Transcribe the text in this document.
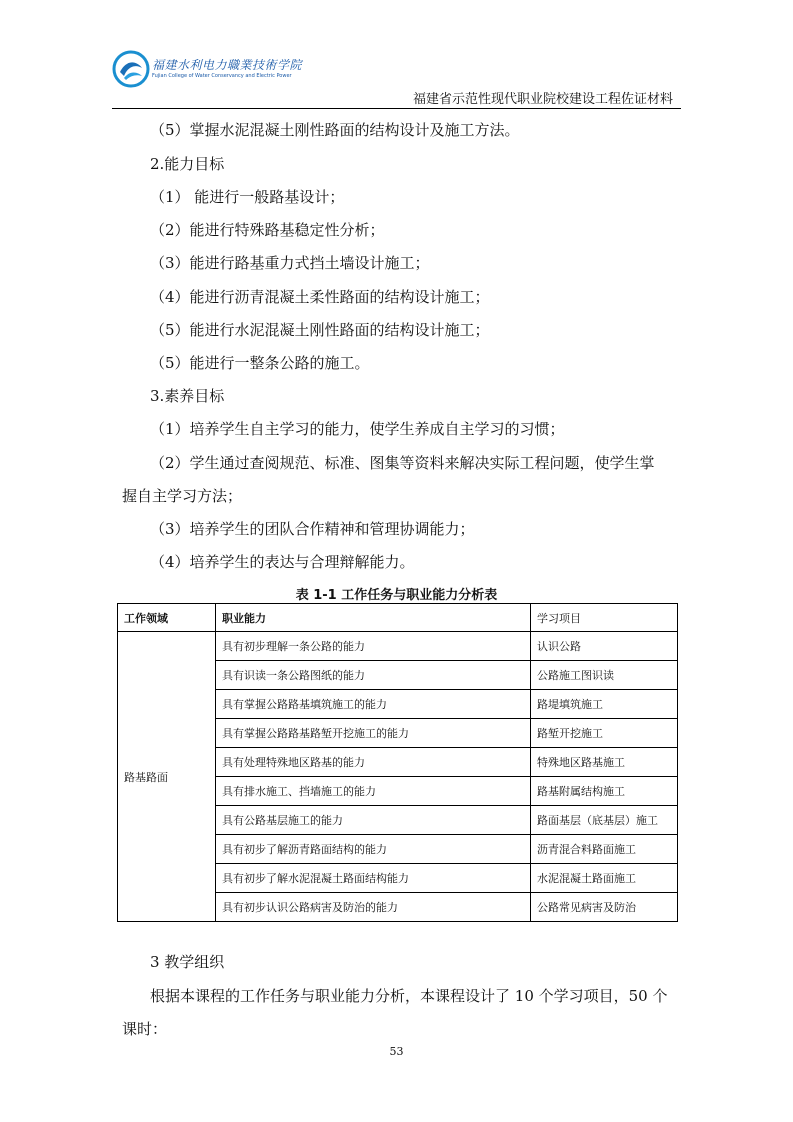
福建水利电力職業技術学院
Fujian College of Water Conservancy and Electric Power
福建省示范性现代职业院校建设工程佐证材料
（5）掌握水泥混凝土刚性路面的结构设计及施工方法。
2.能力目标
（1） 能进行一般路基设计；
（2）能进行特殊路基稳定性分析；
（3）能进行路基重力式挡土墙设计施工；
（4）能进行沥青混凝土柔性路面的结构设计施工；
（5）能进行水泥混凝土刚性路面的结构设计施工；
（5）能进行一整条公路的施工。
3.素养目标
（1）培养学生自主学习的能力，使学生养成自主学习的习惯；
（2）学生通过查阅规范、标准、图集等资料来解决实际工程问题，使学生掌
握自主学习方法；
（3）培养学生的团队合作精神和管理协调能力；
（4）培养学生的表达与合理辩解能力。
表 1-1 工作任务与职业能力分析表
工作领域	职业能力	学习项目
路基路面	具有初步理解一条公路的能力	认识公路
	具有识读一条公路图纸的能力	公路施工图识读
	具有掌握公路路基填筑施工的能力	路堤填筑施工
	具有掌握公路路基路堑开挖施工的能力	路堑开挖施工
	具有处理特殊地区路基的能力	特殊地区路基施工
	具有排水施工、挡墙施工的能力	路基附属结构施工
	具有公路基层施工的能力	路面基层（底基层）施工
	具有初步了解沥青路面结构的能力	沥青混合料路面施工
	具有初步了解水泥混凝土路面结构能力	水泥混凝土路面施工
	具有初步认识公路病害及防治的能力	公路常见病害及防治
3 教学组织
根据本课程的工作任务与职业能力分析，本课程设计了 10 个学习项目，50 个
课时：
53
